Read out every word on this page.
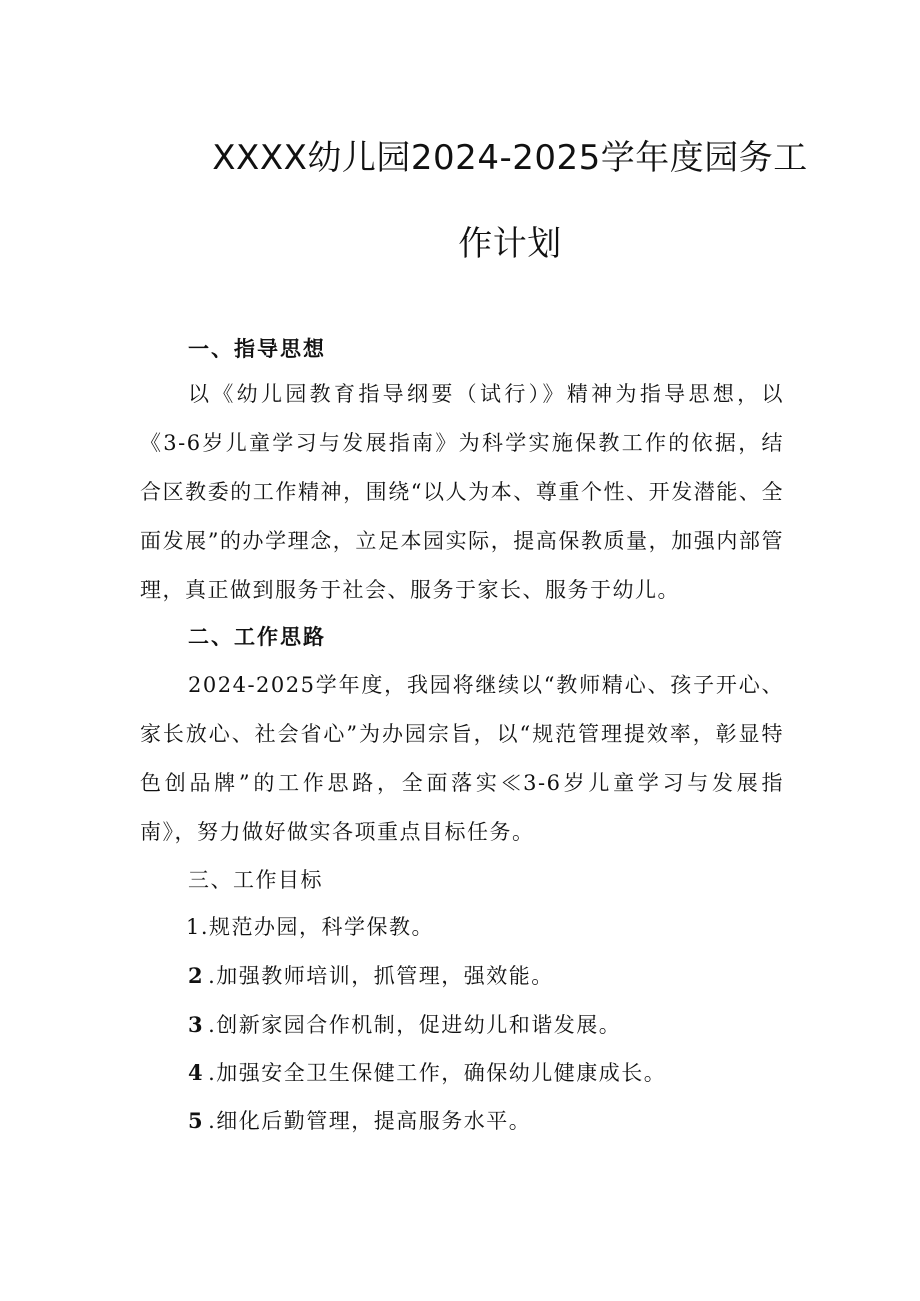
XXXX幼儿园2024-2025学年度园务工
作计划
一、指导思想

以《幼儿园教育指导纲要（试行）》精神为指导思想，以《3-6岁儿童学习与发展指南》为科学实施保教工作的依据，结合区教委的工作精神，围绕“以人为本、尊重个性、开发潜能、全面发展”的办学理念，立足本园实际，提高保教质量，加强内部管理，真正做到服务于社会、服务于家长、服务于幼儿。

二、工作思路

2024-2025学年度，我园将继续以“教师精心、孩子开心、家长放心、社会省心”为办园宗旨，以“规范管理提效率，彰显特色创品牌”的工作思路，全面落实≪3-6岁儿童学习与发展指南》，努力做好做实各项重点目标任务。

三、工作目标

1.规范办园，科学保教。

2 .加强教师培训，抓管理，强效能。

3 .创新家园合作机制，促进幼儿和谐发展。

4 .加强安全卫生保健工作，确保幼儿健康成长。

5 .细化后勤管理，提高服务水平。
